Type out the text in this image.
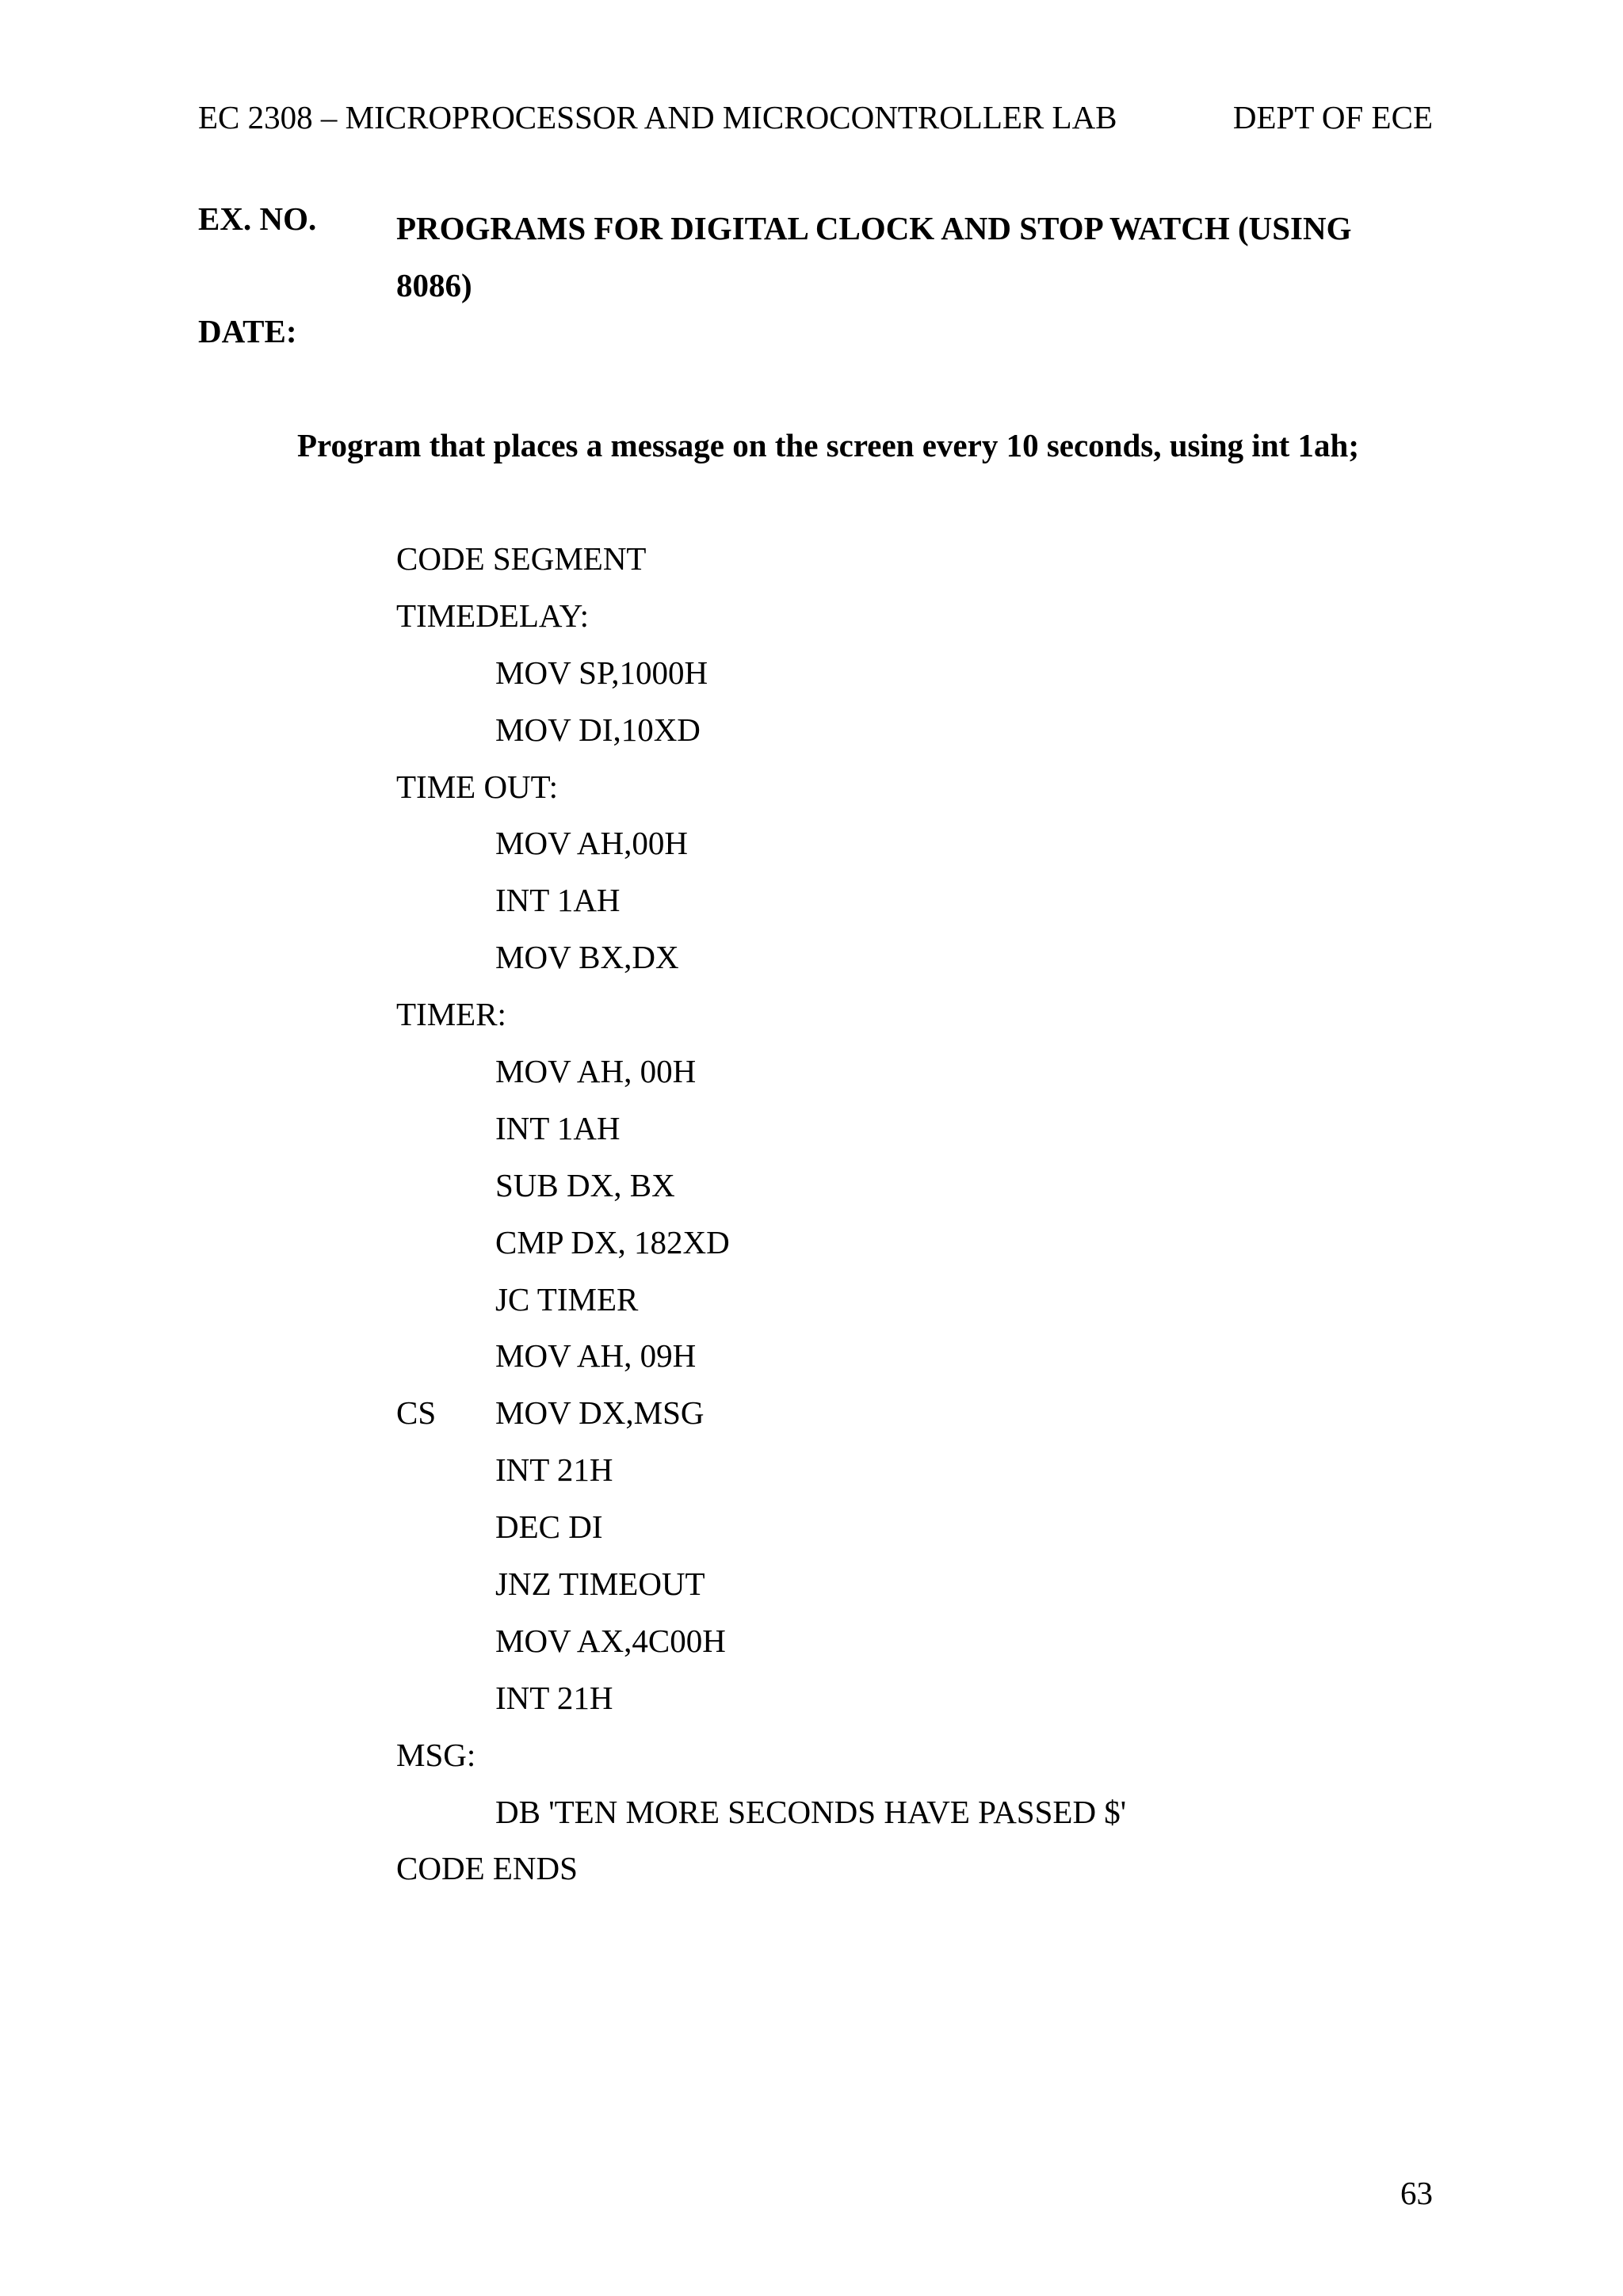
EC 2308 – MICROPROCESSOR AND MICROCONTROLLER LAB	DEPT OF ECE
EX. NO. PROGRAMS FOR DIGITAL CLOCK AND STOP WATCH (USING 8086)
DATE:
Program that places a message on the screen every 10 seconds, using int 1ah;
CODE SEGMENT
TIMEDELAY:
MOV SP,1000H
MOV DI,10XD
TIME OUT:
MOV AH,00H
INT 1AH
MOV BX,DX
TIMER:
MOV AH, 00H
INT 1AH
SUB DX, BX
CMP DX, 182XD
JC TIMER
MOV AH, 09H
CS MOV DX,MSG
INT 21H
DEC DI
JNZ TIMEOUT
MOV AX,4C00H
INT 21H
MSG:
DB 'TEN MORE SECONDS HAVE PASSED $'
CODE ENDS
63
